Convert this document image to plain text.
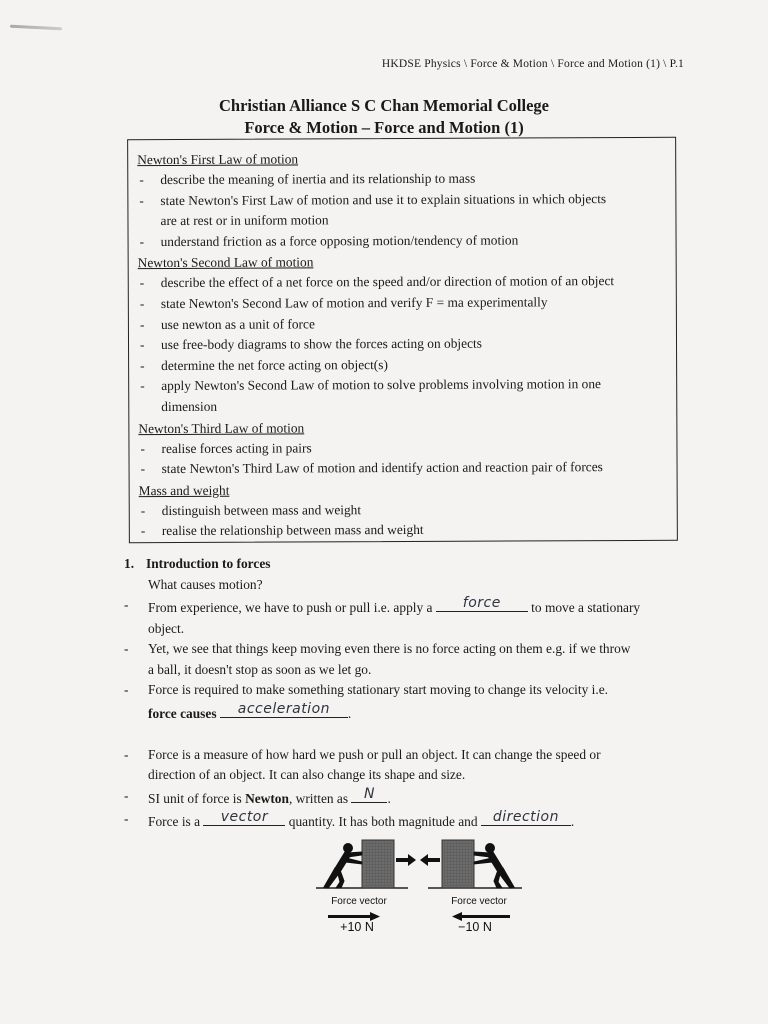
HKDSE Physics \ Force & Motion \ Force and Motion (1) \ P.1
Christian Alliance S C Chan Memorial College
Force & Motion – Force and Motion (1)
Newton's First Law of motion
- describe the meaning of inertia and its relationship to mass
- state Newton's First Law of motion and use it to explain situations in which objects
are at rest or in uniform motion
- understand friction as a force opposing motion/tendency of motion
Newton's Second Law of motion
- describe the effect of a net force on the speed and/or direction of motion of an object
- state Newton's Second Law of motion and verify F = ma experimentally
- use newton as a unit of force
- use free-body diagrams to show the forces acting on objects
- determine the net force acting on object(s)
- apply Newton's Second Law of motion to solve problems involving motion in one
dimension
Newton's Third Law of motion
- realise forces acting in pairs
- state Newton's Third Law of motion and identify action and reaction pair of forces
Mass and weight
- distinguish between mass and weight
- realise the relationship between mass and weight
1. Introduction to forces
What causes motion?
- From experience, we have to push or pull i.e. apply a	force	to move a stationary
object.
- Yet, we see that things keep moving even there is no force acting on them e.g. if we throw
a ball, it doesn't stop as soon as we let go.
- Force is required to make something stationary start moving to change its velocity i.e.
force causes	acceleration	.
- Force is a measure of how hard we push or pull an object. It can change the speed or
direction of an object. It can also change its shape and size.
- SI unit of force is Newton, written as N .
- Force is a	vector	quantity. It has both magnitude and direction .
Force vector
+10 N
Force vector
−10 N
